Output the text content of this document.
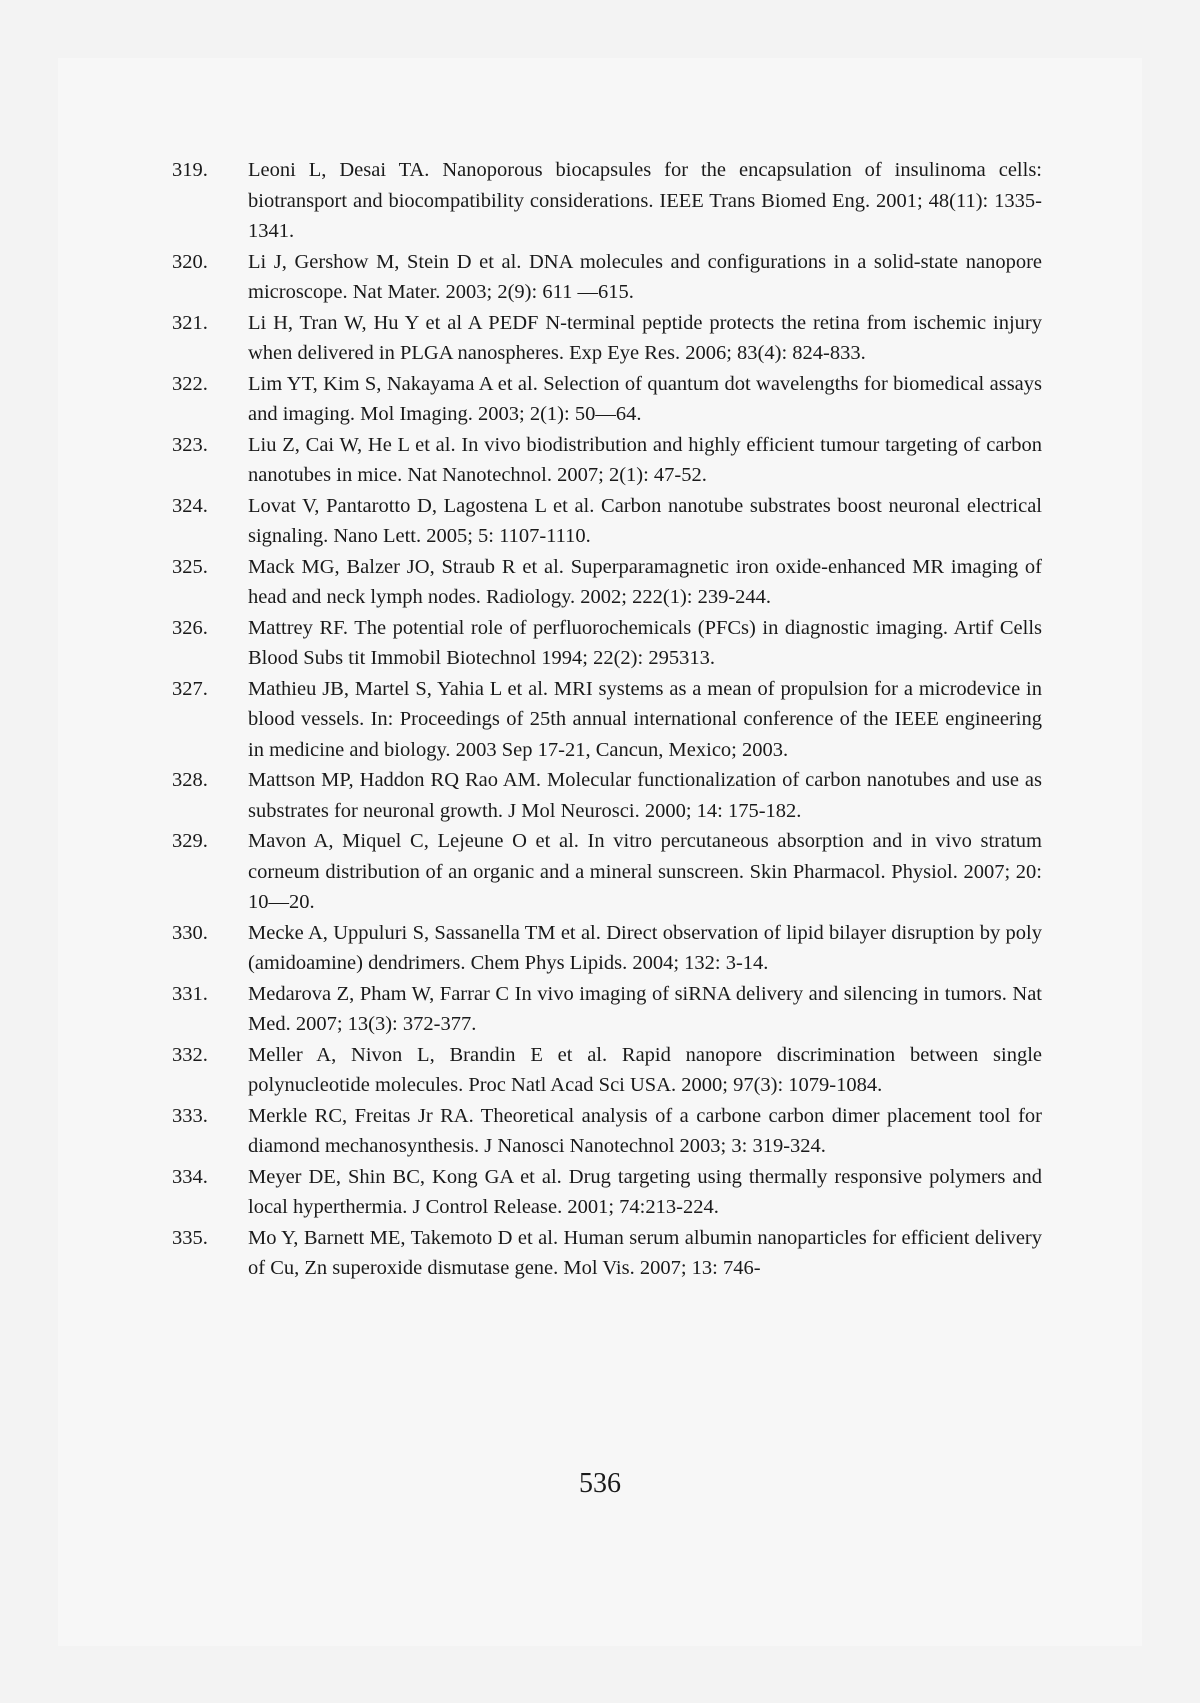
319.	Leoni L, Desai TA. Nanoporous biocapsules for the encapsulation of insulinoma cells: biotransport and biocompatibility considerations. IEEE Trans Biomed Eng. 2001; 48(11): 1335-1341.
320.	Li J, Gershow M, Stein D et al. DNA molecules and configurations in a solid-state nanopore microscope. Nat Mater. 2003; 2(9): 611 —615.
321.	Li H, Tran W, Hu Y et al A PEDF N-terminal peptide protects the retina from ischemic injury when delivered in PLGA nanospheres. Exp Eye Res. 2006; 83(4): 824-833.
322.	Lim YT, Kim S, Nakayama A et al. Selection of quantum dot wavelengths for biomedical assays and imaging. Mol Imaging. 2003; 2(1): 50—64.
323.	Liu Z, Cai W, He L et al. In vivo biodistribution and highly efficient tumour targeting of carbon nanotubes in mice. Nat Nanotechnol. 2007; 2(1): 47-52.
324.	Lovat V, Pantarotto D, Lagostena L et al. Carbon nanotube substrates boost neuronal electrical signaling. Nano Lett. 2005; 5: 1107-1110.
325.	Mack MG, Balzer JO, Straub R et al. Superparamagnetic iron oxide-enhanced MR imaging of head and neck lymph nodes. Radiology. 2002; 222(1): 239-244.
326.	Mattrey RF. The potential role of perfluorochemicals (PFCs) in diagnostic imaging. Artif Cells Blood Subs tit Immobil Biotechnol 1994; 22(2): 295313.
327.	Mathieu JB, Martel S, Yahia L et al. MRI systems as a mean of propulsion for a microdevice in blood vessels. In: Proceedings of 25th annual international conference of the IEEE engineering in medicine and biology. 2003 Sep 17-21, Cancun, Mexico; 2003.
328.	Mattson MP, Haddon RQ Rao AM. Molecular functionalization of carbon nanotubes and use as substrates for neuronal growth. J Mol Neurosci. 2000; 14: 175-182.
329.	Mavon A, Miquel C, Lejeune O et al. In vitro percutaneous absorption and in vivo stratum corneum distribution of an organic and a mineral sunscreen. Skin Pharmacol. Physiol. 2007; 20: 10—20.
330.	Mecke A, Uppuluri S, Sassanella TM et al. Direct observation of lipid bilayer disruption by poly (amidoamine) dendrimers. Chem Phys Lipids. 2004; 132: 3-14.
331.	Medarova Z, Pham W, Farrar C In vivo imaging of siRNA delivery and silencing in tumors. Nat Med. 2007; 13(3): 372-377.
332.	Meller A, Nivon L, Brandin E et al. Rapid nanopore discrimination between single polynucleotide molecules. Proc Natl Acad Sci USA. 2000; 97(3): 1079-1084.
333.	Merkle RC, Freitas Jr RA. Theoretical analysis of a carbone carbon dimer placement tool for diamond mechanosynthesis. J Nanosci Nanotechnol 2003; 3: 319-324.
334.	Meyer DE, Shin BC, Kong GA et al. Drug targeting using thermally responsive polymers and local hyperthermia. J Control Release. 2001; 74:213-224.
335.	Mo Y, Barnett ME, Takemoto D et al. Human serum albumin nanoparticles for efficient delivery of Cu, Zn superoxide dismutase gene. Mol Vis. 2007; 13: 746-
536
